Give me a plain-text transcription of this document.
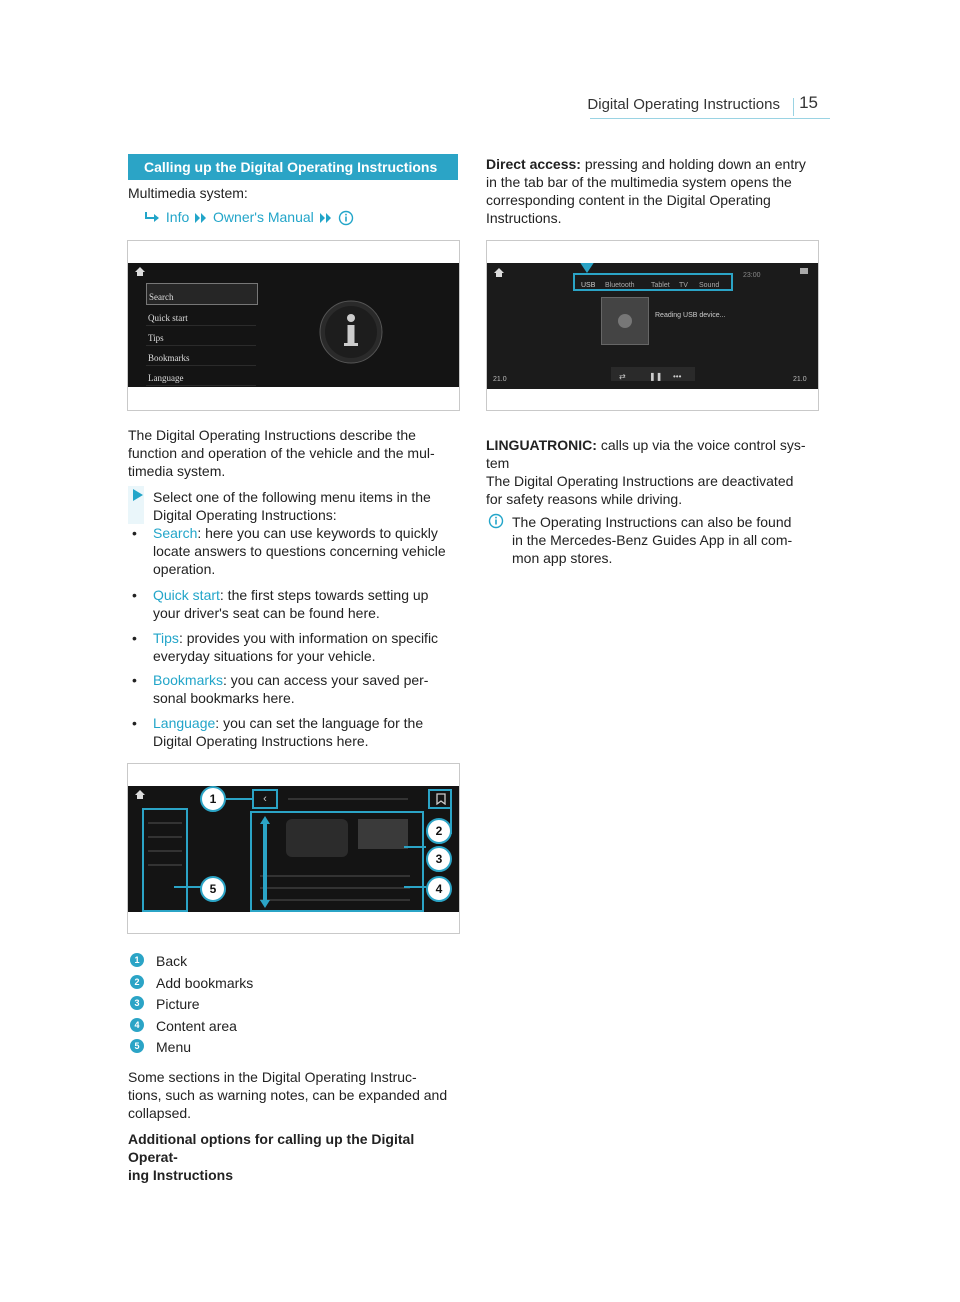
Digital Operating Instructions 15
Calling up the Digital Operating Instructions
Multimedia system:
Info Owner's Manual
Search
Quick start
Tips
Bookmarks
Language
The Digital Operating Instructions describe the
function and operation of the vehicle and the mul-
timedia system.
Select one of the following menu items in the
Digital Operating Instructions:
• Search: here you can use keywords to quickly
locate answers to questions concerning vehicle
operation.
• Quick start: the first steps towards setting up
your driver's seat can be found here.
• Tips: provides you with information on specific
everyday situations for your vehicle.
• Bookmarks: you can access your saved per-
sonal bookmarks here.
• Language: you can set the language for the
Digital Operating Instructions here.
‹
1
2
3
4
5
1	Back
2	Add bookmarks
3	Picture
4	Content area
5	Menu
Some sections in the Digital Operating Instruc-
tions, such as warning notes, can be expanded and
collapsed.
Additional options for calling up the Digital Operat-
ing Instructions
Direct access: pressing and holding down an entry
in the tab bar of the multimedia system opens the
corresponding content in the Digital Operating
Instructions.
USB Bluetooth Tablet TV Sound
23:00
Reading USB device...
⇄	❚❚ •••
21.0	21.0
LINGUATRONIC: calls up via the voice control sys-
tem
The Digital Operating Instructions are deactivated
for safety reasons while driving.
The Operating Instructions can also be found
in the Mercedes-Benz Guides App in all com-
mon app stores.
